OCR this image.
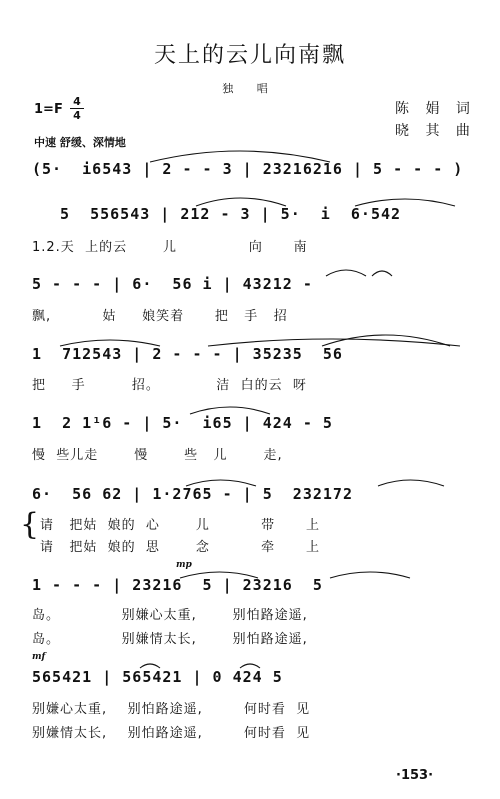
天上的云儿向南飘
独 唱
1=F
4
4	陈 娟 词
晓 其 曲
中速 舒缓、深情地
(5·  i6543 | 2 - - 3 | 23216216 | 5 - - - )
5  556543 | 212 - 3 | 5·  i  6·542
1.2.天  上的云       儿              向      南
5 - - - | 6·  56 i | 43212 -
飘,          姑     娘笑着      把   手   招
1  712543 | 2 - - - | 35235  56
把     手         招。           洁  白的云  呀
1  2 1¹6 - | 5·  i65 | 424 - 5
慢  些儿走       慢       些   儿       走,
6·  56 62 | 1·2765 - | 5  232172
{ 请   把姑  娘的  心       儿          带      上
请   把姑  娘的  思       念          牵      上
mp
1 - - - | 23216  5 | 23216  5
岛。            别嫌心太重,       别怕路途遥,
岛。            别嫌情太长,       别怕路途遥,
mf
565421 | 565421 | 0 424 5
别嫌心太重,    别怕路途遥,        何时看  见
别嫌情太长,    别怕路途遥,        何时看  见
·153·
